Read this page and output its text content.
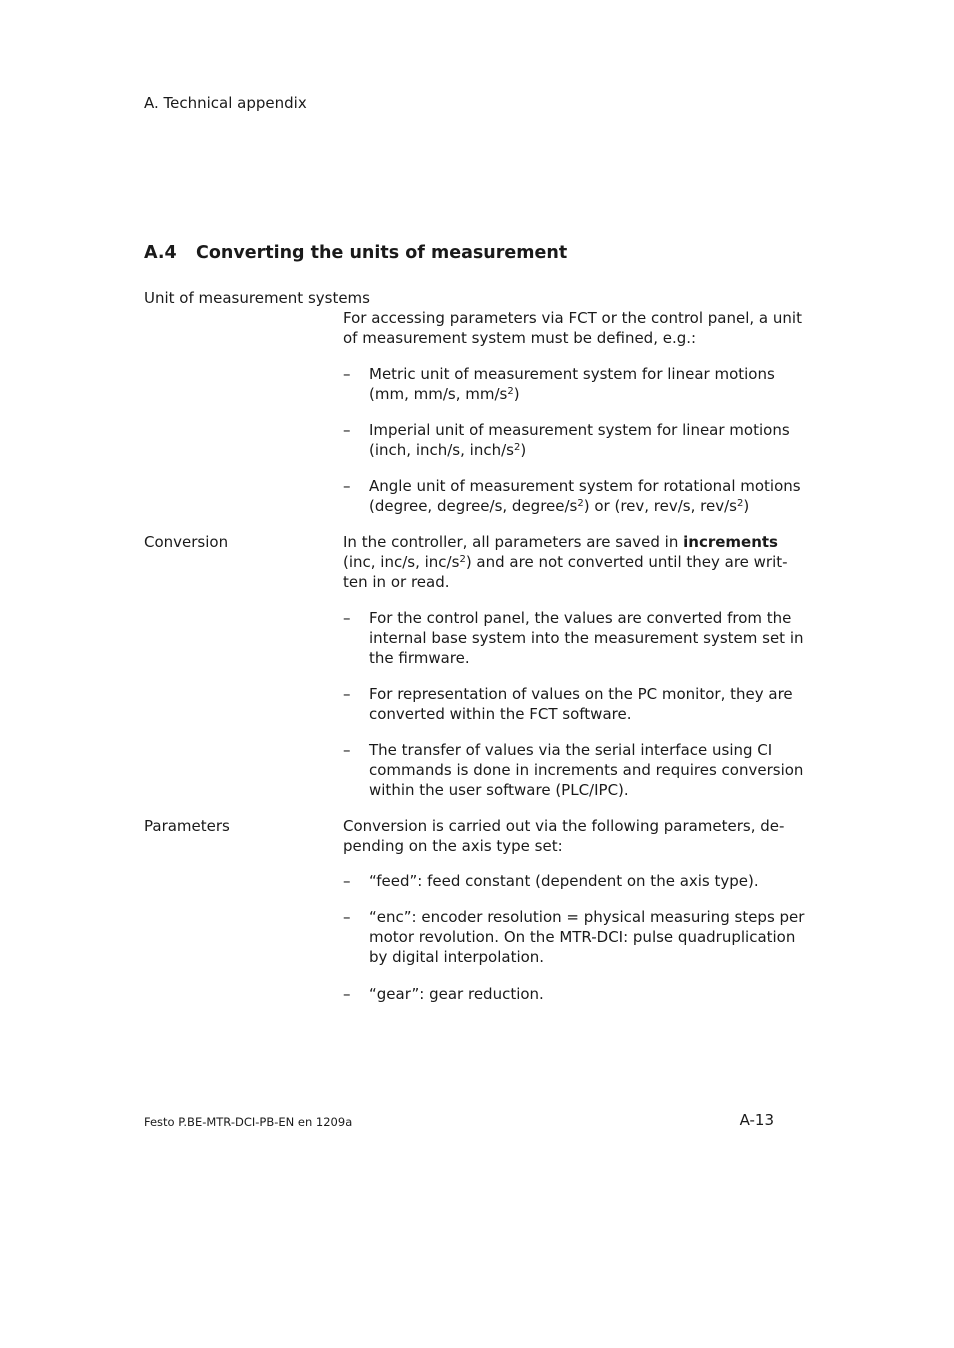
A. Technical appendix
A.4 Converting the units of measurement
Unit of measurement systems
For accessing parameters via FCT or the control panel, a unit
of measurement system must be defined, e.g.:
–	Metric unit of measurement system for linear motions
(mm, mm/s, $mm/s^2$)
–	Imperial unit of measurement system for linear motions
(inch, inch/s, inch/$s^2$)
–	Angle unit of measurement system for rotational motions
(degree, degree/s, degree/$s^2$) or (rev, rev/s, rev/$s^2$)
Conversion	In the controller, all parameters are saved in increments
(inc, inc/s, inc/$s^2$) and are not converted until they are writ-
ten in or read.
–	For the control panel, the values are converted from the
internal base system into the measurement system set in
the firmware.
–	For representation of values on the PC monitor, they are
converted within the FCT software.
–	The transfer of values via the serial interface using CI
commands is done in increments and requires conversion
within the user software (PLC/IPC).
Parameters	Conversion is carried out via the following parameters, de-
pending on the axis type set:
–	“feed”: feed constant (dependent on the axis type).
–	“enc”: encoder resolution = physical measuring steps per
motor revolution. On the MTR-DCI: pulse quadruplication
by digital interpolation.
–	“gear”: gear reduction.
Festo P.BE-MTR-DCI-PB-EN en 1209a	A-13
